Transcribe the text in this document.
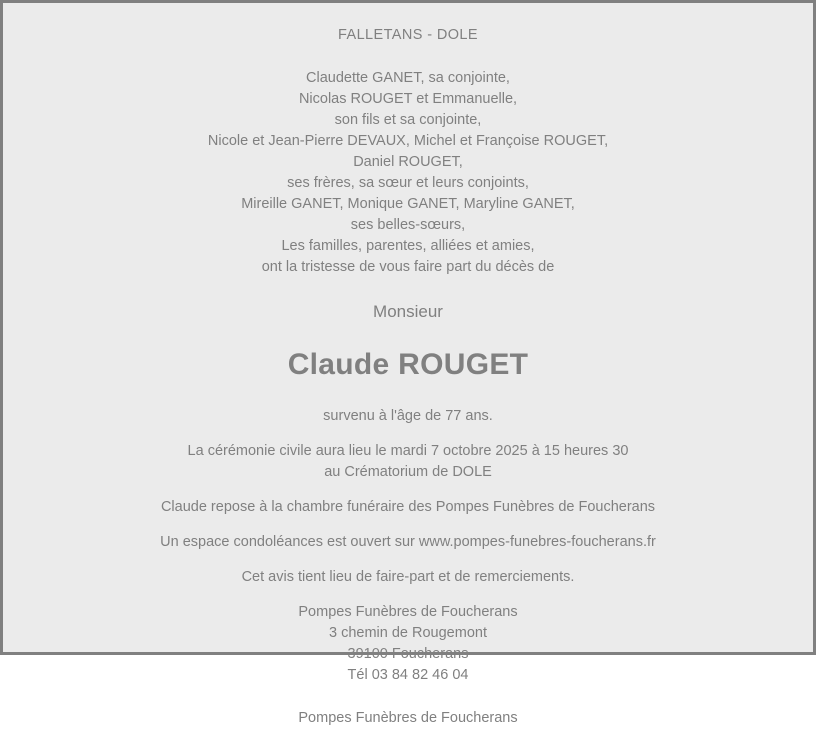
FALLETANS - DOLE
Claudette GANET, sa conjointe,
Nicolas ROUGET et Emmanuelle,
son fils et sa conjointe,
Nicole et Jean-Pierre DEVAUX, Michel et Françoise ROUGET,
Daniel ROUGET,
ses frères, sa sœur et leurs conjoints,
Mireille GANET, Monique GANET, Maryline GANET,
ses belles-sœurs,
Les familles, parentes, alliées et amies,
ont la tristesse de vous faire part du décès de
Monsieur
Claude ROUGET
survenu à l'âge de 77 ans.
La cérémonie civile aura lieu le mardi 7 octobre 2025 à 15 heures 30
au Crématorium de DOLE
Claude repose à la chambre funéraire des Pompes Funèbres de Foucherans
Un espace condoléances est ouvert sur www.pompes-funebres-foucherans.fr
Cet avis tient lieu de faire-part et de remerciements.
Pompes Funèbres de Foucherans
3 chemin de Rougemont
39100 Foucherans
Tél 03 84 82 46 04
Pompes Funèbres de Foucherans
